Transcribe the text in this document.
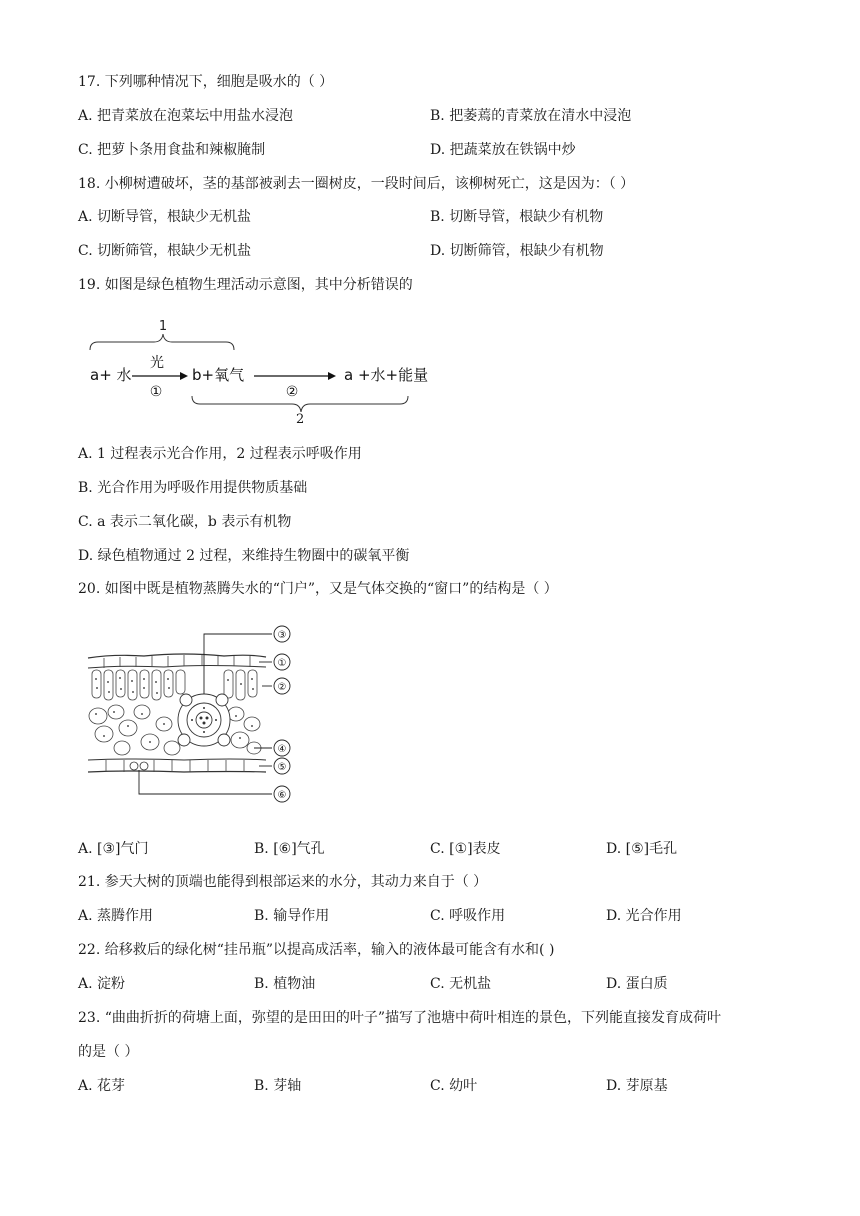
17. 下列哪种情况下，细胞是吸水的（ ）
A. 把青菜放在泡菜坛中用盐水浸泡	B. 把萎蔫的青菜放在清水中浸泡
C. 把萝卜条用食盐和辣椒腌制	D. 把蔬菜放在铁锅中炒
18. 小柳树遭破坏，茎的基部被剥去一圈树皮，一段时间后，该柳树死亡，这是因为：（ ）
A. 切断导管，根缺少无机盐	B. 切断导管，根缺少有机物
C. 切断筛管，根缺少无机盐	D. 切断筛管，根缺少有机物
19. 如图是绿色植物生理活动示意图，其中分析错误的
1
a+ 水
光
①
b+氧气
②
a +水+能量
2
A. 1 过程表示光合作用，2 过程表示呼吸作用
B. 光合作用为呼吸作用提供物质基础
C. a 表示二氧化碳，b 表示有机物
D. 绿色植物通过 2 过程，来维持生物圈中的碳氧平衡
20. 如图中既是植物蒸腾失水的“门户”，又是气体交换的“窗口”的结构是（ ）
③
①
②
④
⑤
⑥
A. [③]气门	B. [⑥]气孔	C. [①]表皮	D. [⑤]毛孔
21. 参天大树的顶端也能得到根部运来的水分，其动力来自于（ ）
A. 蒸腾作用	B. 输导作用	C. 呼吸作用	D. 光合作用
22. 给移救后的绿化树“挂吊瓶”以提高成活率，输入的液体最可能含有水和( )
A. 淀粉	B. 植物油	C. 无机盐	D. 蛋白质
23. “曲曲折折的荷塘上面，弥望的是田田的叶子”描写了池塘中荷叶相连的景色，下列能直接发育成荷叶
的是（ ）
A. 花芽	B. 芽轴	C. 幼叶	D. 芽原基
